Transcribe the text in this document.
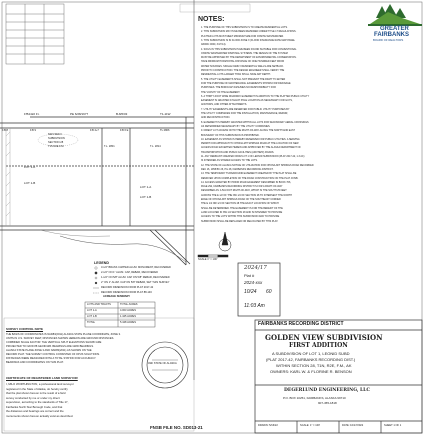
GREATER
FAIRBANKS
BOARD OF REALTORS
NOTES:
1. THE PURPOSE OF THIS SUBDIVISION IS TO CREATE RESIDENTIAL LOTS.
2. THIS SUBDIVISION MAY HAVE BEEN REVIEWED UNDER TITLE 17 REGULATIONS.
PLATTED LOTS MUST MEET MINIMUM SIZE FOR ONSITE WASTEWATER.
3. THIS SUBDIVISION IS IN FLOOD ZONE X (FLOOD INSURANCE RATE MAP PANEL
02090C 0000, 3/17/14).
4. SOILS IN THIS SUBDIVISION HAVE BEEN FOUND SUITABLE FOR CONVENTIONAL
ONSITE WASTEWATER DISPOSAL SYSTEMS. THE DESIGN OF THE SYSTEM
MUST BE APPROVED BY THE DEPARTMENT OF ENVIRONMENTAL CONSERVATION.
HAVE MINIMUM HORIZONTAL DISTANCE OF ONE HUNDRED FEET FROM
WATER SOURCES. SINGLE FAMILY RESIDENTIAL WELLS ARE SETBACK.
PRIOR TO CONSTRUCTION. THE DESIGN ENGINEER SHALL VERIFY THE
RESIDENTIAL LOTS LARGER THAN SHALL HAVE ART DEPTH.
5. THE UTILITY EASEMENTS SHALL NOT PREVENT THE RIGHT TO ENTER
FOR THE PURPOSE OF MAINTENANCE. EASEMENTS SHOWN FOR DRAINAGE
PURPOSES. THE BOROUGH ASSUMES NO RESPONSIBILITY FOR
THE VICINITY OF THE EASEMENT.
6. A THIRTY-FOOT WIDE ROADWAY EASEMENT IN ADDITION TO THE PLATTED PUBLIC UTILITY
EASEMENT IS GRANTED AT EACH POLE LOCATION AS NECESSARY FOR GUYS,
ANCHORS, AND OTHER ATTACHMENTS.
7. UTILITY EASEMENTS ARE RESERVED FOR PUBLIC UTILITY PURPOSES BY
THE UTILITY COMPANIES FOR THE INSTALLATION, MAINTENANCE, REPAIR,
AND RECONSTRUCTION.
8. EASEMENT IS HEREBY GRANTED WITHIN ALL LOTS FOR SECONDARY AERIAL CROSSINGS
AS DETERMINED NECESSARY BY THE UTILITY COMPANIES.
9. DIRECT LOT ACCESS ONTO THE RIGHT-OF-WAY ALONG THE NORTH AND EAST
BOUNDARY OF THIS SUBDIVISION IS PROHIBITED.
10. EASEMENT AS SHOWN IS HEREBY RESERVED FOR PUBLIC UTILITIES. A SERVING
PERMIT FOR APPROACH TO OHONA-MIT SPRINGS ROAD AT THE LOCATION OF NEW
ACCESS ROAD EXCEPTED HEREIN AND APPROVED BY THE ALASKA DEPARTMENT OF
TRANSPORTATION AND PUBLIC FACILITIES (ADOT&PF) ROADS.
11. ANY REMNANT CREATED FROM LOT 1 OF LEONID SUBDIVISION (PLAT 2017-42, 1.3 AC)
IS INTENDED AS SHARED ACCESS TO THE LOTS.
12. THE STATE OF ALASKA NOTICE OF UTILIZATION FOR OHONA-MIT SPRINGS ROAD RECORDED
DEC 16, 1958 BK 26, PG 48, FAIRBANKS RECORDING DISTRICT.
13. THE TEMPORARY TURNAROUND EASEMENT CREATED BY THE PLAT SHALL BE
REMOVED UPON COMPLETION OF THE ROAD CONSTRUCTION ON THE PLAT. FNSB.
14. ACCESS GRANTED BY PRIOR ROAD EASEMENT DESCRIBED IN BOOK 706,
PAGE 292, FAIRBANKS RECORDING DISTRICT IS FOR A RIGHT-OF-WAY
DESCRIBED AS: A 50-FOOT RIGHT-OF-WAY, WHICH IS THE SOUTH 25 FEET
ACROSS THE E 1/2 OF THE NW 1/4 OF SECTION 28 TO INTERSECT THE NORTH
EDGE OF OHONA-MIT SPRINGS ROAD OF THE SOUTHEAST CORNER
THE E 1/2 NW 1/4 OF SECTION 28 THE EXACT LOCATION OF WHICH
SHALL BE DETERMINED. THE EASEMENT IS FOR THE BENEFIT OF THE
LAND LOCATED IN NW 1/4 SECTION 28 AND IS INTENDED TO PROVIDE
ACCESS TO THE LOTS WITHIN THIS SUBDIVISION AND TO PROVIDE
SUBDIVISION SHALL BE REPLACED OR RELOCATED BY THIS PLAT.
F'B4422 Ft.	PE 6/28/1977	B-8/6/03	T1-11W
F.B 8	F.B 9	F.B 4+7	F.B 6 E	TL 2806
NW1 SE1/4
SUBDIVISION
SECTION 28
T1S R2E F.M.	T.L. 2801	T.L. 2814
LOT 1-A
LOT 1-B
LOT 1-A
LOT 1-B
LEGEND
3-1/2" BRASS CAPPED ALUM. MONUMENT, RECOVERED
2-1/2" ON 1" ALUM. CAP, REBAR, RECOVERED
1-1/2" ON 5/8" ALUM. CAP ON 5/8" REBAR, RECOVERED
2" ON 1" ALUM. CAP ON 5/8" REBAR, SET THIS SURVEY
RECORD DIMENSION FROM PLAT 2017-42
RECORD DIMENSION FROM PLAT 88-146
ACREAGE SUMMARY
LOTS AND TRACTS	TOTAL ACRES
LOT 1-A	4.003 ACRES
LOT 1-B	1.425 ACRES
TOTAL	5.428 ACRES
SCALE 1" = 100'
SURVEY CONTROL NOTE
THE BASIS OF COORDINATES IS NAD83(2011) ALASKA STATE PLANE COORDINATE, ZONE 3.
UNITS IN U.S. SURVEY FEET, DISTANCES SHOWN HEREON ARE GROUND DISTANCES.
COMBINED SCALE FACTOR: THE VERTICAL SPLIT ELEVATIONS SHOWN ARE
PROJECTED TO NAVD 88 GEOID12B. BEARINGS ARE GRID BEARINGS.
ALASKA STATE PLANE ZONE 3 AND NAD83(2011) AS SHOWN ON THE
RECORD PLAT. THE SURVEY CONTROL CONSISTED OF OPUS SOLUTIONS.
DISTANCES WERE MEASURED WITH A TOTAL STATION FOR ACCURACY.
BEARINGS AND COORDINATES ON THIS PLAT.
CERTIFICATE OF REGISTERED LAND SURVEYOR
I, MILO WORTHINGTON, a professional land surveyor
registered in the State of Alaska, do hereby certify
that the plat shown hereon is the result of a field
survey conducted by me or under my direct
supervision, according to the standards of Title 17,
Fairbanks North Star Borough Code, and that
the distances and bearings are correct and the
monuments shown hereon actually exist as described.
49th STATE OF ALASKA
FNSB FILE NO. SD013-21
2024/17
Plat #
2024-xxx
10/24 60
11:03 Am
FAIRBANKS RECORDING DISTRICT
GOLDEN VIEW SUBDIVISION
FIRST ADDITION
A SUBDIVISION OF LOT 1, LEONID SUBD
(PLAT 2017-42, FAIRBANKS RECORDING DIST.)
WITHIN SECTION 28, T1N, R2E, F.M., AK
OWNERS: KARL W. & FLORINE R. BENSON
DEGERLUND ENGINEERING, LLC
P.O. BOX 10251, FAIRBANKS, ALASKA 99710
907-455-1818
DRAWN: 5/16/22	SCALE: 1" = 100'	DATE: 10/17/2022	SHEET 1 OF 1
